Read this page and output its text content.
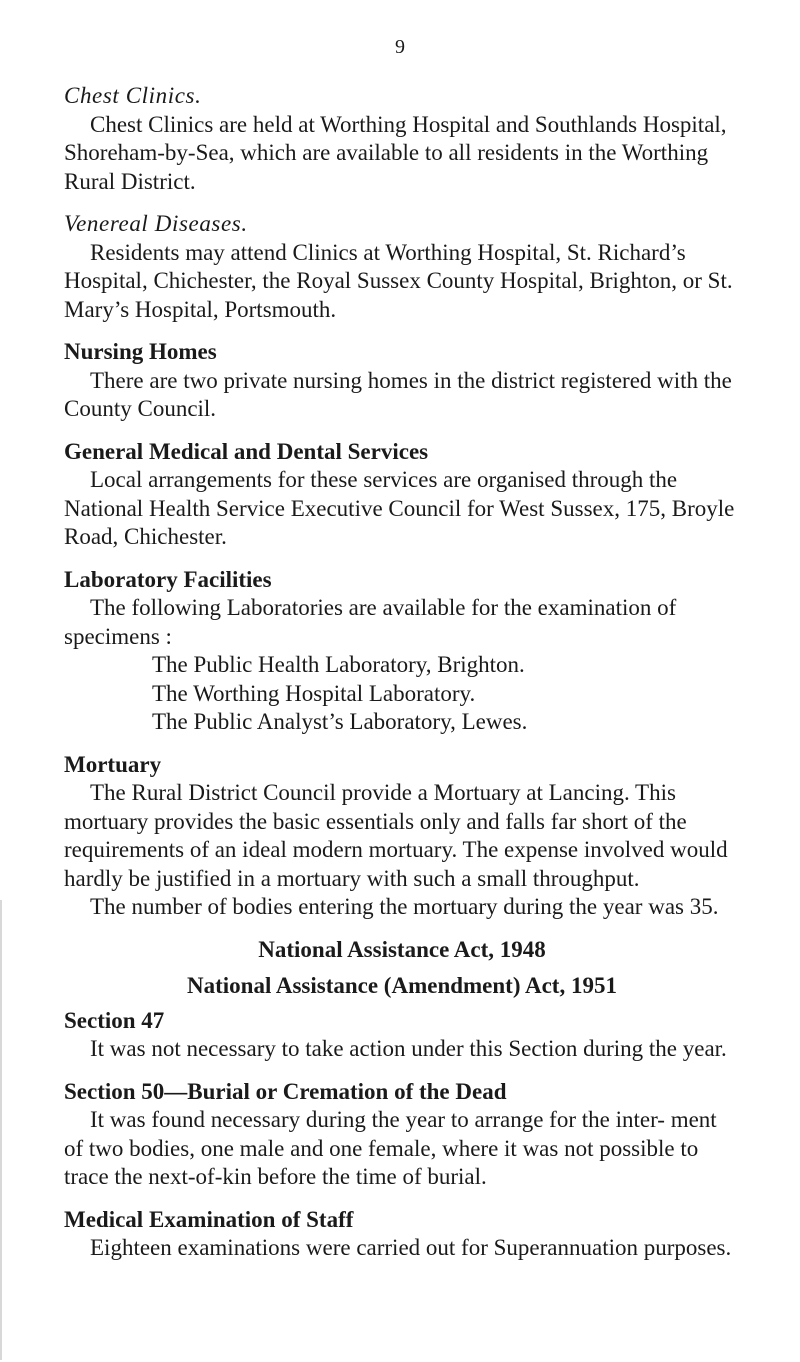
9

Chest Clinics.

Chest Clinics are held at Worthing Hospital and Southlands Hospital, Shoreham-by-Sea, which are available to all residents in the Worthing Rural District.

Venereal Diseases.

Residents may attend Clinics at Worthing Hospital, St. Richard’s Hospital, Chichester, the Royal Sussex County Hospital, Brighton, or St. Mary’s Hospital, Portsmouth.

Nursing Homes

There are two private nursing homes in the district registered with the County Council.

General Medical and Dental Services

Local arrangements for these services are organised through the National Health Service Executive Council for West Sussex, 175, Broyle Road, Chichester.

Laboratory Facilities

The following Laboratories are available for the examination of specimens :

The Public Health Laboratory, Brighton.
The Worthing Hospital Laboratory.
The Public Analyst’s Laboratory, Lewes.

Mortuary

The Rural District Council provide a Mortuary at Lancing. This mortuary provides the basic essentials only and falls far short of the requirements of an ideal modern mortuary. The expense involved would hardly be justified in a mortuary with such a small throughput.

The number of bodies entering the mortuary during the year was 35.

National Assistance Act, 1948

National Assistance (Amendment) Act, 1951

Section 47

It was not necessary to take action under this Section during the year.

Section 50—Burial or Cremation of the Dead

It was found necessary during the year to arrange for the inter- ment of two bodies, one male and one female, where it was not possible to trace the next-of-kin before the time of burial.

Medical Examination of Staff

Eighteen examinations were carried out for Superannuation purposes.
